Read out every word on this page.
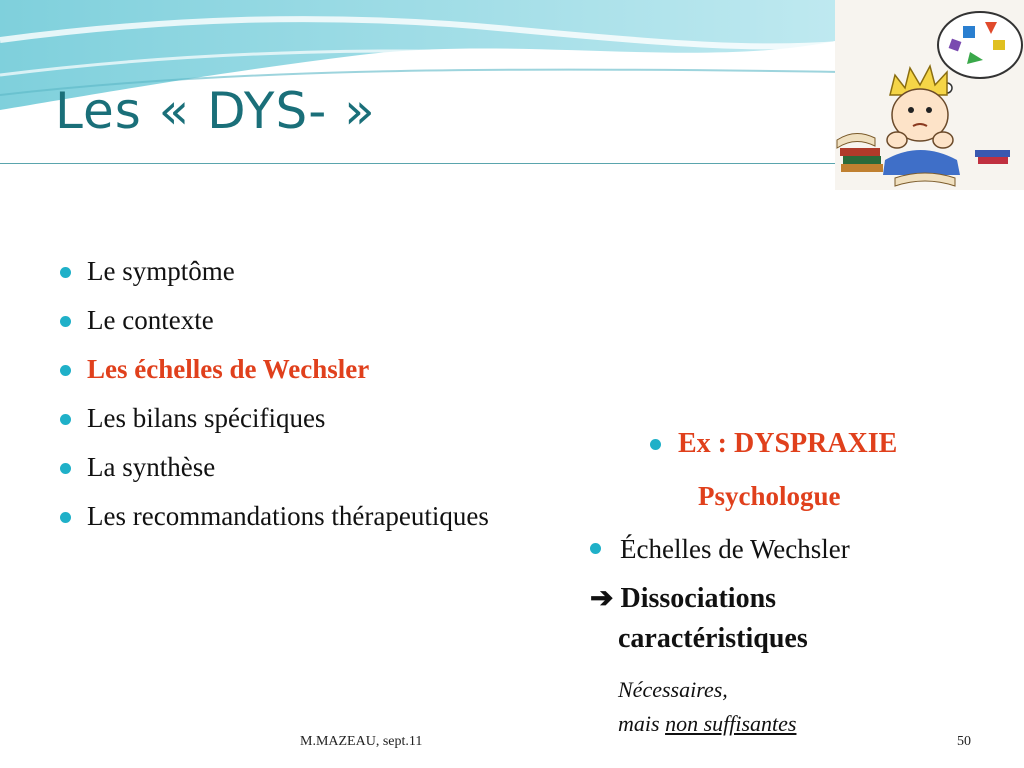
Les « DYS- »
Le symptôme
Le contexte
Les échelles de Wechsler
Les bilans spécifiques
La synthèse
Les recommandations thérapeutiques
Ex : DYSPRAXIE
Psychologue
Échelles de Wechsler
➔ Dissociations
caractéristiques
Nécessaires,
mais non suffisantes
M.MAZEAU, sept.11	50
